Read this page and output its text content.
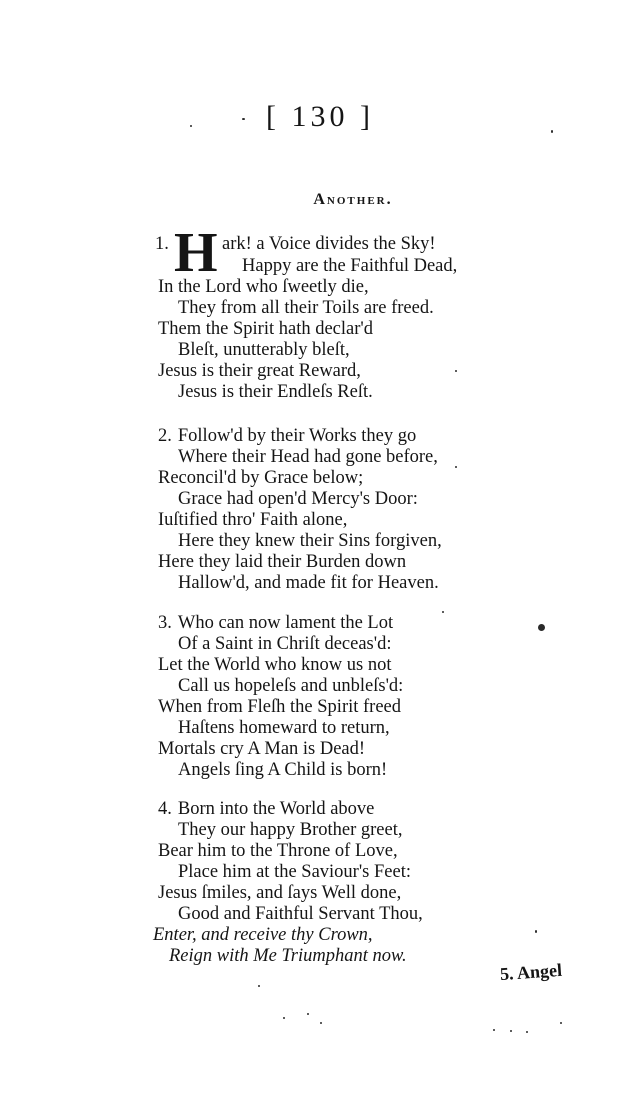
[ 130 ]
Another.
1. H ark! a Voice divides the Sky!
Happy are the Faithful Dead,
In the Lord who ſweetly die,
They from all their Toils are freed.
Them the Spirit hath declar'd
Bleſt, unutterably bleſt,
Jesus is their great Reward,
Jesus is their Endleſs Reſt.
2. Follow'd by their Works they go
Where their Head had gone before,
Reconcil'd by Grace below;
Grace had open'd Mercy's Door:
Iuſtified thro' Faith alone,
Here they knew their Sins forgiven,
Here they laid their Burden down
Hallow'd, and made fit for Heaven.
3. Who can now lament the Lot
Of a Saint in Chriſt deceas'd:
Let the World who know us not
Call us hopeleſs and unbleſs'd:
When from Fleſh the Spirit freed
Haſtens homeward to return,
Mortals cry A Man is Dead!
Angels ſing A Child is born!
4. Born into the World above
They our happy Brother greet,
Bear him to the Throne of Love,
Place him at the Saviour's Feet:
Jesus ſmiles, and ſays Well done,
Good and Faithful Servant Thou,
Enter, and receive thy Crown,
Reign with Me Triumphant now.
5. Angel
